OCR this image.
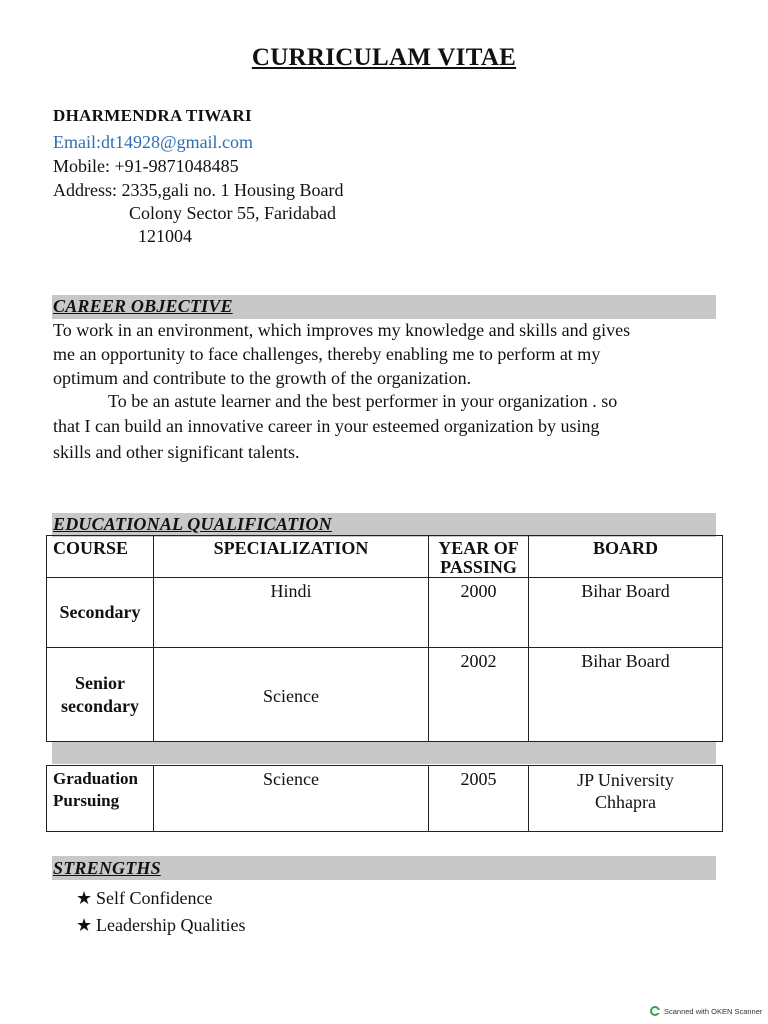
CURRICULAM VITAE
DHARMENDRA TIWARI
Email:dt14928@gmail.com
Mobile: +91-9871048485
Address: 2335,gali no. 1 Housing Board
Colony Sector 55, Faridabad
121004
CAREER OBJECTIVE
To work in an environment, which improves my knowledge and skills and gives
me an opportunity to face challenges, thereby enabling me to perform at my
optimum and contribute to the growth of the organization.
To be an astute learner and the best performer in your organization . so
that I can build an innovative career in your esteemed organization by using
skills and other significant talents.
EDUCATIONAL QUALIFICATION
COURSE	SPECIALIZATION	YEAR OF PASSING	BOARD
Secondary	Hindi	2000	Bihar Board
Senior secondary	Science	2002	Bihar Board
Graduation Pursuing	Science	2005	JP University Chhapra
STRENGTHS
★ Self Confidence
★ Leadership Qualities
Scanned with OKEN Scanner
